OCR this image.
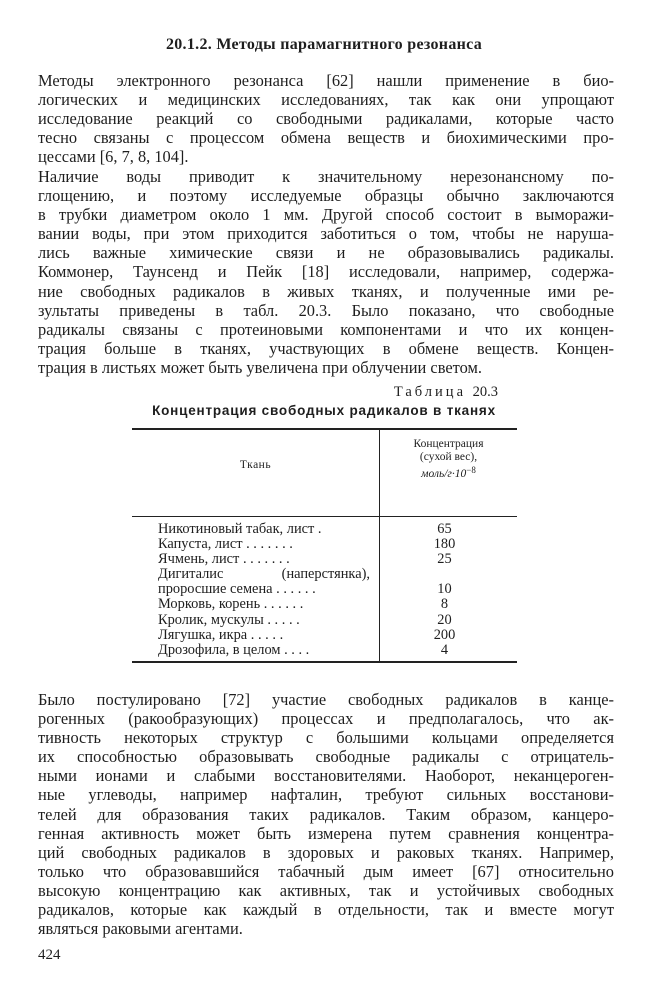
20.1.2. Методы парамагнитного резонанса
Методы электронного резонанса [62] нашли применение в био-
логических и медицинских исследованиях, так как они упрощают
исследование реакций со свободными радикалами, которые часто
тесно связаны с процессом обмена веществ и биохимическими про-
цессами [6, 7, 8, 104].
Наличие воды приводит к значительному нерезонансному по-
глощению, и поэтому исследуемые образцы обычно заключаются
в трубки диаметром около 1 мм. Другой способ состоит в выморажи-
вании воды, при этом приходится заботиться о том, чтобы не наруша-
лись важные химические связи и не образовывались радикалы.
Коммонер, Таунсенд и Пейк [18] исследовали, например, содержа-
ние свободных радикалов в живых тканях, и полученные ими ре-
зультаты приведены в табл. 20.3. Было показано, что свободные
радикалы связаны с протеиновыми компонентами и что их концен-
трация больше в тканях, участвующих в обмене веществ. Концен-
трация в листьях может быть увеличена при облучении светом.
Таблица 20.3
Концентрация свободных радикалов в тканях
Ткань
Концентрация
(сухой вес),
моль/$г\cdot 10^{-8}$
Никотиновый табак, лист .	65
Капуста, лист . . . . . . .	180
Ячмень, лист . . . . . . .	25
Дигиталис (наперстянка),
проросшие семена . . . . . .	10
Морковь, корень . . . . . .	8
Кролик, мускулы . . . . .	20
Лягушка, икра . . . . .	200
Дрозофила, в целом . . . .	4
Было постулировано [72] участие свободных радикалов в канце-
рогенных (ракообразующих) процессах и предполагалось, что ак-
тивность некоторых структур с большими кольцами определяется
их способностью образовывать свободные радикалы с отрицатель-
ными ионами и слабыми восстановителями. Наоборот, неканцероген-
ные углеводы, например нафталин, требуют сильных восстанови-
телей для образования таких радикалов. Таким образом, канцеро-
генная активность может быть измерена путем сравнения концентра-
ций свободных радикалов в здоровых и раковых тканях. Например,
только что образовавшийся табачный дым имеет [67] относительно
высокую концентрацию как активных, так и устойчивых свободных
радикалов, которые как каждый в отдельности, так и вместе могут
являться раковыми агентами.
424
